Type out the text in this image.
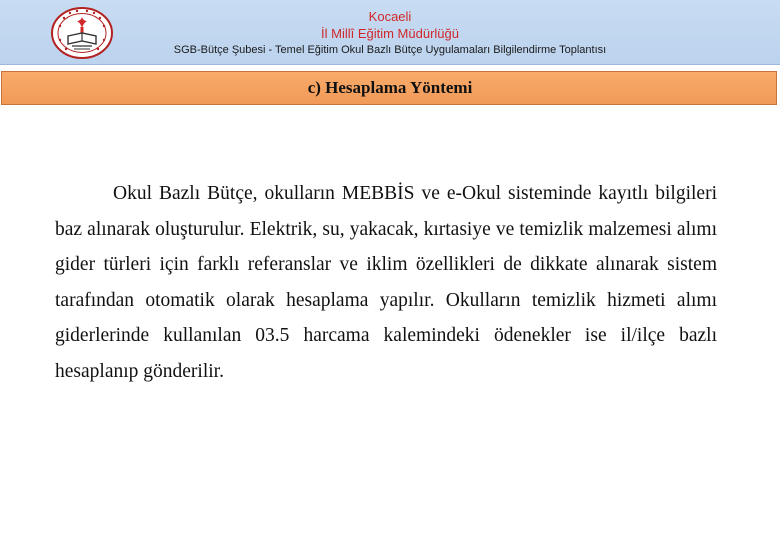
Kocaeli
İl Millî Eğitim Müdürlüğü
SGB-Bütçe Şubesi - Temel Eğitim Okul Bazlı Bütçe Uygulamaları Bilgilendirme Toplantısı
c) Hesaplama Yöntemi
Okul Bazlı Bütçe, okulların MEBBİS ve e-Okul sisteminde kayıtlı bilgileri baz alınarak oluşturulur. Elektrik, su, yakacak, kırtasiye ve temizlik malzemesi alımı gider türleri için farklı referanslar ve iklim özellikleri de dikkate alınarak sistem tarafından otomatik olarak hesaplama yapılır. Okulların temizlik hizmeti alımı giderlerinde kullanılan 03.5 harcama kalemindeki ödenekler ise il/ilçe bazlı hesaplanıp gönderilir.
